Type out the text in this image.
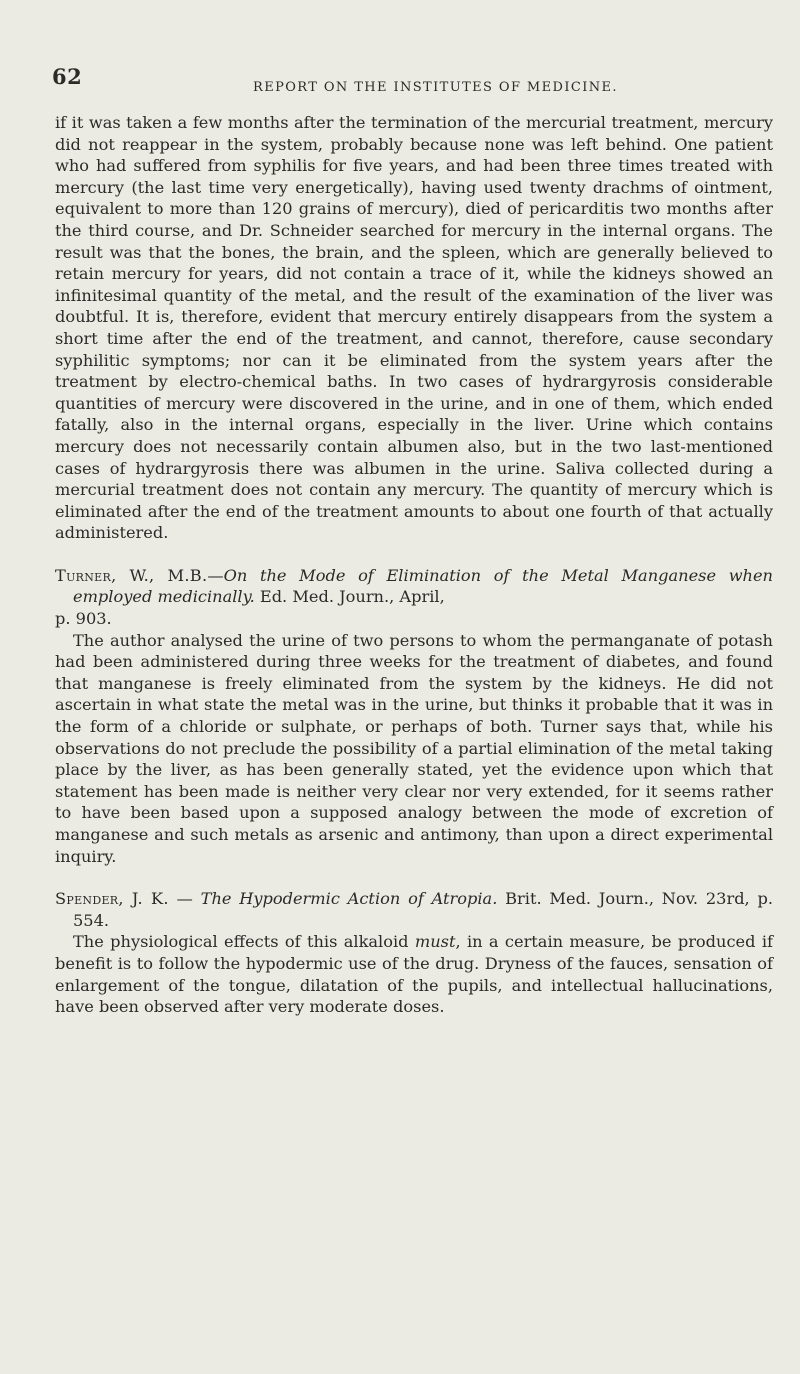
62	REPORT ON THE INSTITUTES OF MEDICINE.

if it was taken a few months after the termination of the mercurial treatment, mercury did not reappear in the system, probably because none was left behind. One patient who had suffered from syphilis for five years, and had been three times treated with mercury (the last time very energetically), having used twenty drachms of ointment, equivalent to more than 120 grains of mercury), died of pericarditis two months after the third course, and Dr. Schneider searched for mercury in the internal organs. The result was that the bones, the brain, and the spleen, which are generally believed to retain mercury for years, did not contain a trace of it, while the kidneys showed an infinitesimal quantity of the metal, and the result of the examination of the liver was doubtful. It is, therefore, evident that mercury entirely disappears from the system a short time after the end of the treatment, and cannot, therefore, cause secondary syphilitic symptoms; nor can it be eliminated from the system years after the treatment by electro-chemical baths. In two cases of hydrargyrosis considerable quantities of mercury were discovered in the urine, and in one of them, which ended fatally, also in the internal organs, especially in the liver. Urine which contains mercury does not necessarily contain albumen also, but in the two last-mentioned cases of hydrargyrosis there was albumen in the urine. Saliva collected during a mercurial treatment does not contain any mercury. The quantity of mercury which is eliminated after the end of the treatment amounts to about one fourth of that actually administered.

Turner, W., M.B.—On the Mode of Elimination of the Metal Manganese when employed medicinally. Ed. Med. Journ., April,
p. 903.

The author analysed the urine of two persons to whom the permanganate of potash had been administered during three weeks for the treatment of diabetes, and found that manganese is freely eliminated from the system by the kidneys. He did not ascertain in what state the metal was in the urine, but thinks it probable that it was in the form of a chloride or sulphate, or perhaps of both. Turner says that, while his observations do not preclude the possibility of a partial elimination of the metal taking place by the liver, as has been generally stated, yet the evidence upon which that statement has been made is neither very clear nor very extended, for it seems rather to have been based upon a supposed analogy between the mode of excretion of manganese and such metals as arsenic and antimony, than upon a direct experimental inquiry.

Spender, J. K. — The Hypodermic Action of Atropia. Brit. Med. Journ., Nov. 23rd, p. 554.

The physiological effects of this alkaloid must, in a certain measure, be produced if benefit is to follow the hypodermic use of the drug. Dryness of the fauces, sensation of enlargement of the tongue, dilatation of the pupils, and intellectual hallucinations, have been observed after very moderate doses.
